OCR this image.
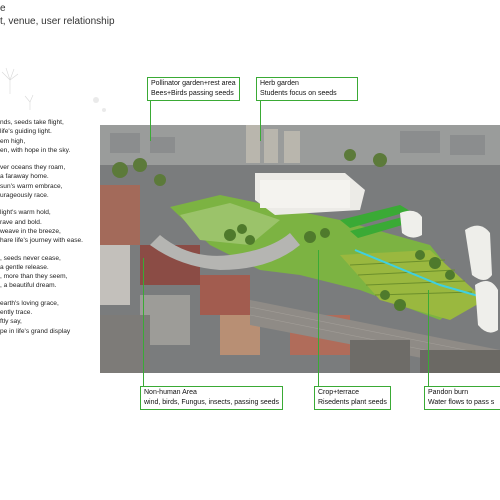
e
t, venue, user relationship
nds, seeds take flight,
life's guiding light.
em high,
en, with hope in the sky.
ver oceans they roam,
a faraway home.
sun's warm embrace,
urageously race.
light's warm hold,
rave and bold.
weave in the breeze,
hare life's journey with ease.
, seeds never cease,
a gentle release.
, more than they seem,
, a beautiful dream.
earth's loving grace,
ently trace.
ftly say,
pe in life's grand display
Pollinator garden+rest area
Bees+Birds passing seeds
Herb garden
Students focus on seeds
Non-human Area
wind, birds, Fungus, insects, passing seeds
Crop+terrace
Risedents plant seeds
Pandon burn
Water flows to pass s
